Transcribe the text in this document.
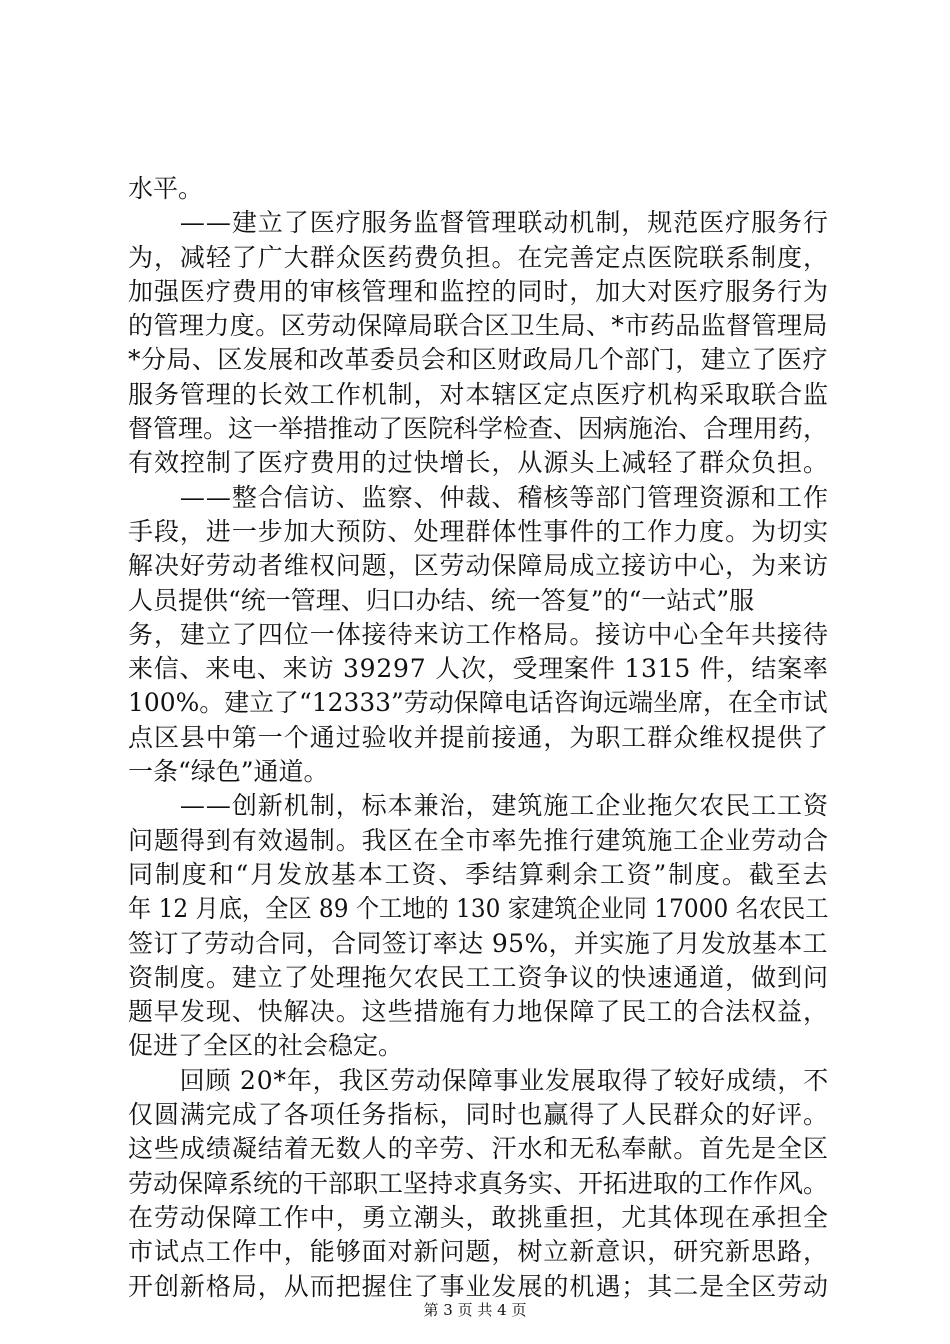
水平。
　　——建立了医疗服务监督管理联动机制，规范医疗服务行
为，减轻了广大群众医药费负担。在完善定点医院联系制度，
加强医疗费用的审核管理和监控的同时，加大对医疗服务行为
的管理力度。区劳动保障局联合区卫生局、*市药品监督管理局
*分局、区发展和改革委员会和区财政局几个部门，建立了医疗
服务管理的长效工作机制，对本辖区定点医疗机构采取联合监
督管理。这一举措推动了医院科学检查、因病施治、合理用药，
有效控制了医疗费用的过快增长，从源头上减轻了群众负担。
　　——整合信访、监察、仲裁、稽核等部门管理资源和工作
手段，进一步加大预防、处理群体性事件的工作力度。为切实
解决好劳动者维权问题，区劳动保障局成立接访中心，为来访
人员提供“统一管理、归口办结、统一答复”的“一站式”服
务，建立了四位一体接待来访工作格局。接访中心全年共接待
来信、来电、来访 39297 人次，受理案件 1315 件，结案率
100%。建立了“12333”劳动保障电话咨询远端坐席，在全市试
点区县中第一个通过验收并提前接通，为职工群众维权提供了
一条“绿色”通道。
　　——创新机制，标本兼治，建筑施工企业拖欠农民工工资
问题得到有效遏制。我区在全市率先推行建筑施工企业劳动合
同制度和“月发放基本工资、季结算剩余工资”制度。截至去
年 12 月底，全区 89 个工地的 130 家建筑企业同 17000 名农民工
签订了劳动合同，合同签订率达 95%，并实施了月发放基本工
资制度。建立了处理拖欠农民工工资争议的快速通道，做到问
题早发现、快解决。这些措施有力地保障了民工的合法权益，
促进了全区的社会稳定。
　　回顾 20*年，我区劳动保障事业发展取得了较好成绩，不
仅圆满完成了各项任务指标，同时也赢得了人民群众的好评。
这些成绩凝结着无数人的辛劳、汗水和无私奉献。首先是全区
劳动保障系统的干部职工坚持求真务实、开拓进取的工作作风。
在劳动保障工作中，勇立潮头，敢挑重担，尤其体现在承担全
市试点工作中，能够面对新问题，树立新意识，研究新思路，
开创新格局，从而把握住了事业发展的机遇；其二是全区劳动
第 3 页 共 4 页
